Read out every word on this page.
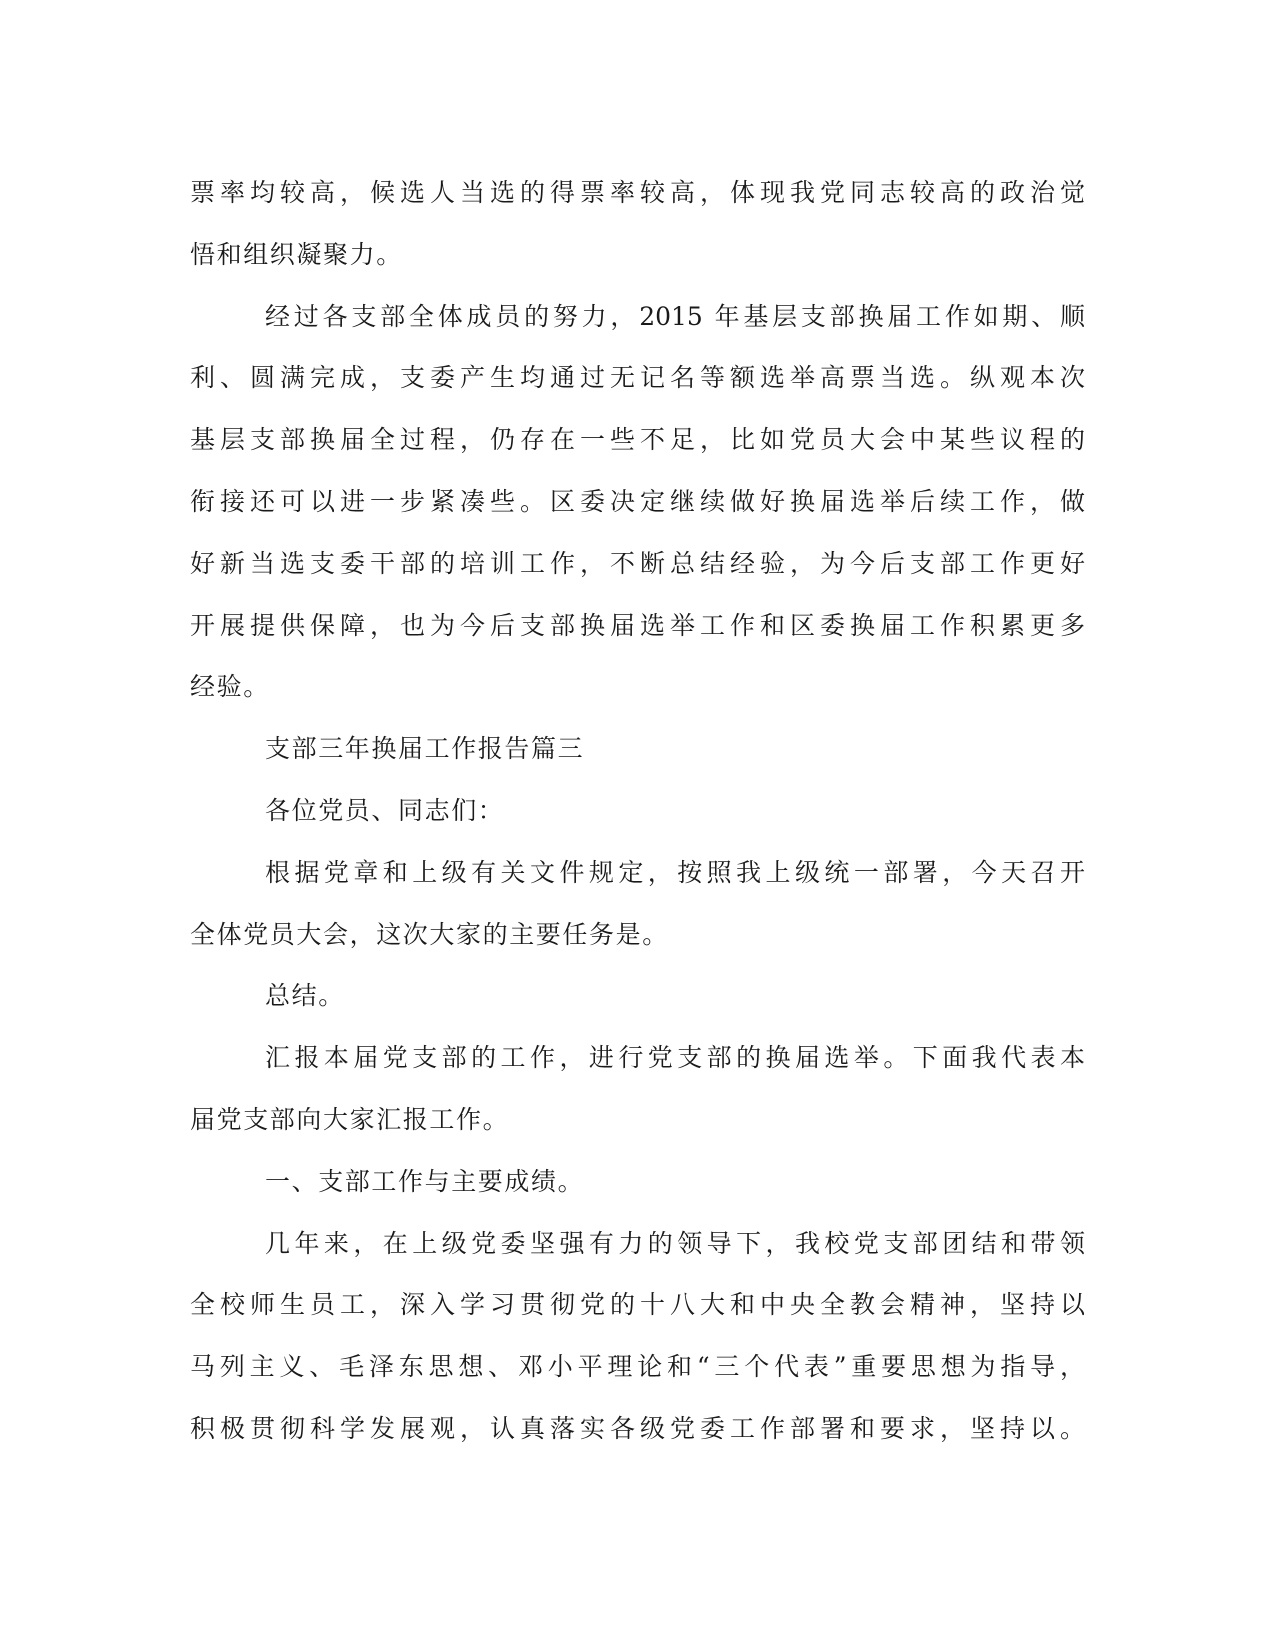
票率均较高，候选人当选的得票率较高，体现我党同志较高的政治觉
悟和组织凝聚力。
经过各支部全体成员的努力，2015 年基层支部换届工作如期、顺
利、圆满完成，支委产生均通过无记名等额选举高票当选。纵观本次
基层支部换届全过程，仍存在一些不足，比如党员大会中某些议程的
衔接还可以进一步紧凑些。区委决定继续做好换届选举后续工作，做
好新当选支委干部的培训工作，不断总结经验，为今后支部工作更好
开展提供保障，也为今后支部换届选举工作和区委换届工作积累更多
经验。
支部三年换届工作报告篇三
各位党员、同志们：
根据党章和上级有关文件规定，按照我上级统一部署，今天召开
全体党员大会，这次大家的主要任务是。
总结。
汇报本届党支部的工作，进行党支部的换届选举。下面我代表本
届党支部向大家汇报工作。
一、支部工作与主要成绩。
几年来，在上级党委坚强有力的领导下，我校党支部团结和带领
全校师生员工，深入学习贯彻党的十八大和中央全教会精神，坚持以
马列主义、毛泽东思想、邓小平理论和“三个代表”重要思想为指导，
积极贯彻科学发展观，认真落实各级党委工作部署和要求，坚持以。
